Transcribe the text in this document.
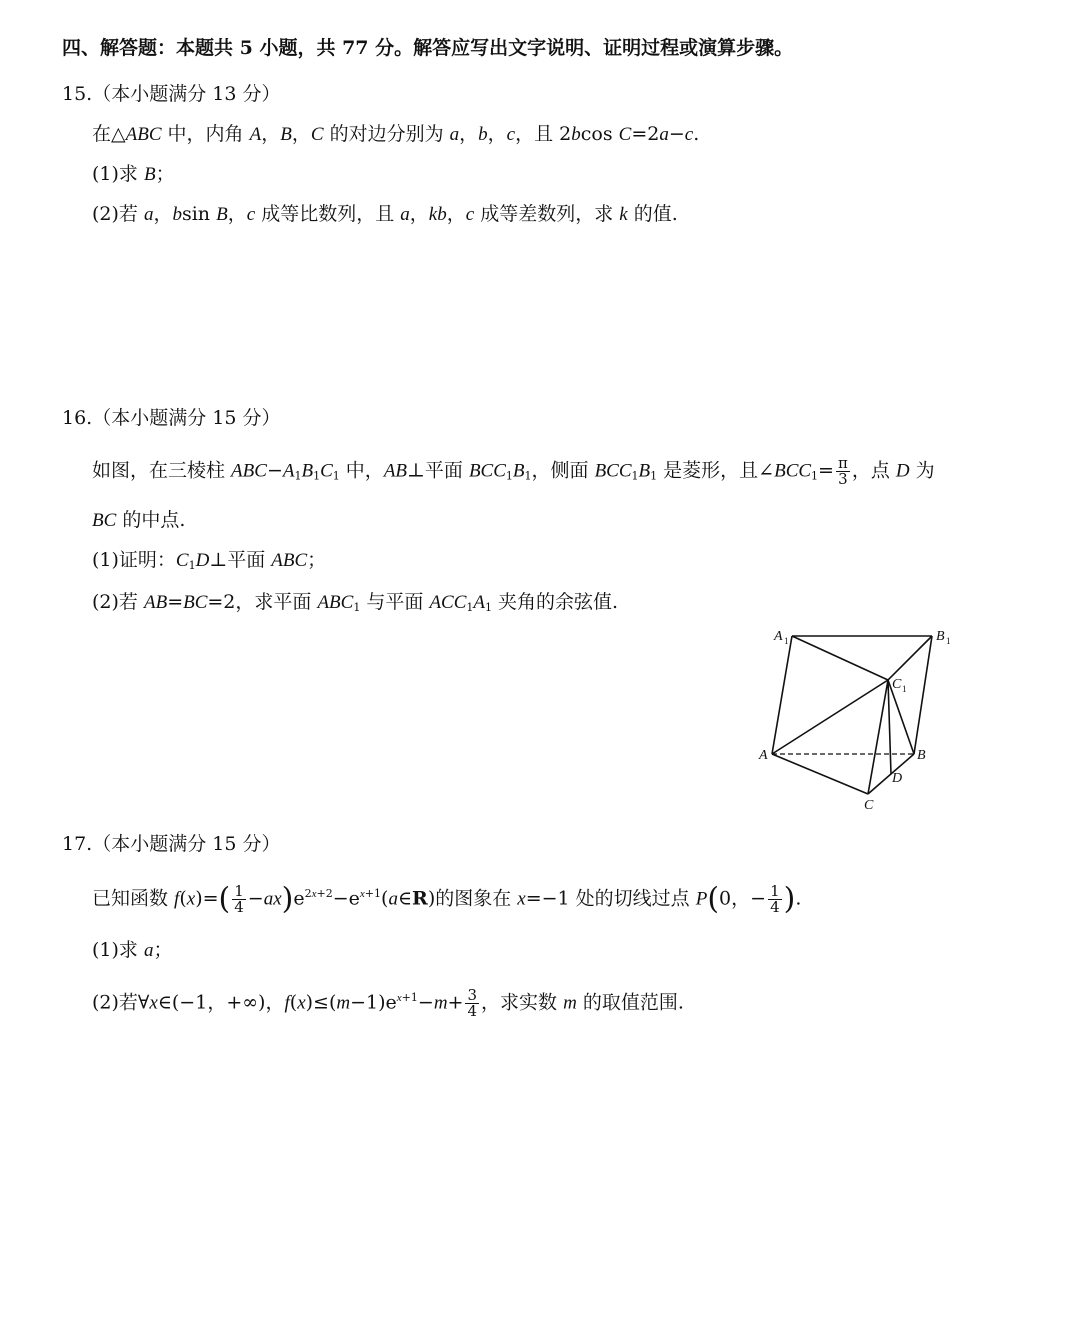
四、解答题：本题共 5 小题，共 77 分。解答应写出文字说明、证明过程或演算步骤。
15.（本小题满分 13 分）
在△ABC 中，内角 A，B，C 的对边分别为 a，b，c，且 2bcos C=2a−c.
(1)求 B；
(2)若 a，bsin B，c 成等比数列，且 a，kb，c 成等差数列，求 k 的值.
16.（本小题满分 15 分）
如图，在三棱柱 $ABC-A_1B_1C_1$ 中，AB⊥平面 $BCC_1B_1$，侧面 $BCC_1B_1$ 是菱形，且$\angle BCC_1= \frac{\pi}{3}$ ，点 D 为
BC 的中点.
(1)证明：$C_1D\perp$平面 ABC；
(2)若 AB=BC=2，求平面 $ABC_1$ 与平面 $ACC_1A_1$ 夹角的余弦值.
A 1	B 1
C 1
A	B
C
D
17.（本小题满分 15 分）
已知函数 $f(x)=( \frac{1}{4}$ $-ax)e^{2x+2}-e^{x+1}(a\in R)$的图象在 x=−1 处的切线过点 P(0，− $\frac{1}{4}$ ).
(1)求 a；
(2)若∀x∈(−1，+∞)，$f(x)\le(m-1)e^{x+1}-m+ \frac{3}{4}$ ，求实数 m 的取值范围.
